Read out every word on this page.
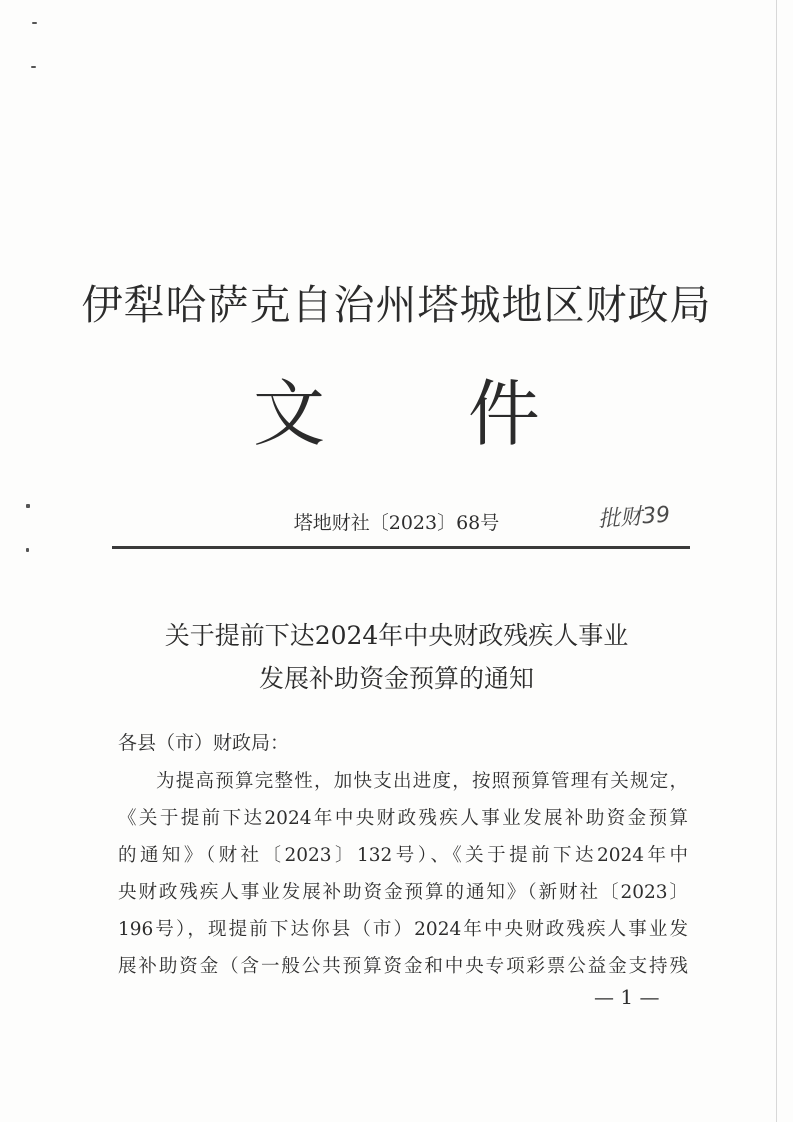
伊犁哈萨克自治州塔城地区财政局
文 件
塔地财社〔2023〕68号	批财39
关于提前下达2024年中央财政残疾人事业
发展补助资金预算的通知
各县（市）财政局：
为提高预算完整性，加快支出进度，按照预算管理有关规定，
《关于提前下达2024年中央财政残疾人事业发展补助资金预算
的通知》（财社〔2023〕132号）、《关于提前下达2024年中
央财政残疾人事业发展补助资金预算的通知》（新财社〔2023〕
196号），现提前下达你县（市）2024年中央财政残疾人事业发
展补助资金（含一般公共预算资金和中央专项彩票公益金支持残
— 1 —
